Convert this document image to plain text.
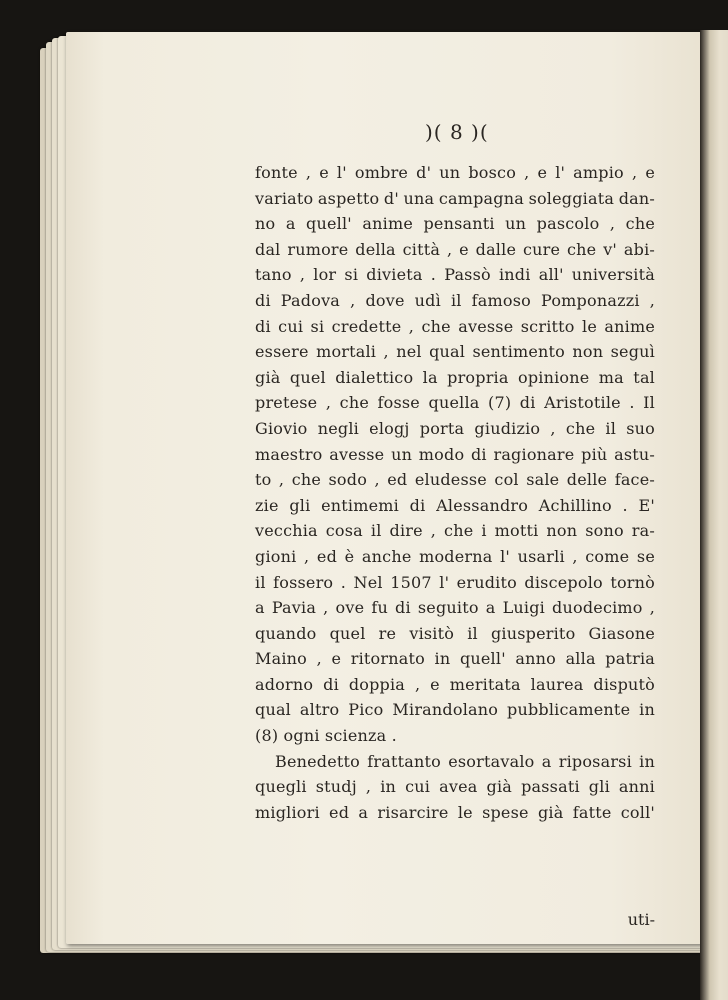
)( 8 )(
fonte , e l' ombre d' un bosco , e l' ampio , e
variato aspetto d' una campagna soleggiata dan-
no a quell' anime pensanti un pascolo , che
dal rumore della città , e dalle cure che v' abi-
tano , lor si divieta . Passò indi all' università
di Padova , dove udì il famoso Pomponazzi ,
di cui si credette , che avesse scritto le anime
essere mortali , nel qual sentimento non seguì
già quel dialettico la propria opinione ma tal
pretese , che fosse quella (7) di Aristotile . Il
Giovio negli elogj porta giudizio , che il suo
maestro avesse un modo di ragionare più astu-
to , che sodo , ed eludesse col sale delle face-
zie gli entimemi di Alessandro Achillino . E'
vecchia cosa il dire , che i motti non sono ra-
gioni , ed è anche moderna l' usarli , come se
il fossero . Nel 1507 l' erudito discepolo tornò
a Pavia , ove fu di seguito a Luigi duodecimo ,
quando quel re visitò il giusperito Giasone
Maino , e ritornato in quell' anno alla patria
adorno di doppia , e meritata laurea disputò
qual altro Pico Mirandolano pubblicamente in
(8) ogni scienza .
Benedetto frattanto esortavalo a riposarsi in
quegli studj , in cui avea già passati gli anni
migliori ed a risarcire le spese già fatte coll'
uti-
